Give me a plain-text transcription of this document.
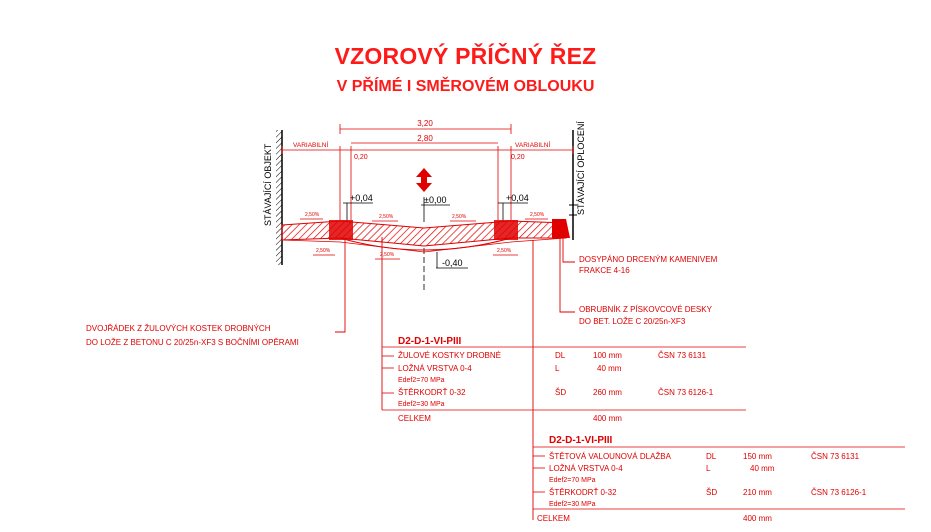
VZOROVÝ PŘÍČNÝ ŘEZ
V PŘÍMÉ I SMĚROVÉM OBLOUKU
STÁVAJÍCÍ OBJEKT	STÁVAJÍCÍ OPLOCENÍ
3,20
2,80
VARIABILNÍ	VARIABILNÍ
0,20	0,20
+0,04	±0,00	+0,04
-0,40
2,50%	2,50%	2,50%	2,50%
2,50%
2,50%
2,50%
DOSYPÁNO DRCENÝM KAMENIVEM
FRAKCE 4-16
OBRUBNÍK Z PÍSKOVCOVÉ DESKY
DO BET. LOŽE C 20/25n-XF3
DVOJŘÁDEK Z ŽULOVÝCH KOSTEK DROBNÝCH
DO LOŽE Z BETONU C 20/25n-XF3 S BOČNÍMI OPĚRAMI	D2-D-1-VI-PIII
ŽULOVÉ KOSTKY DROBNÉ	DL	100 mm	ČSN 73 6131
LOŽNÁ VRSTVA 0-4	L	40 mm
Edef2=70 MPa
ŠTĚRKODRŤ 0-32	ŠD	260 mm	ČSN 73 6126-1
Edef2=30 MPa
CELKEM	400 mm
D2-D-1-VI-PIII
ŠTĚTOVÁ VALOUNOVÁ DLAŽBA	DL	150 mm	ČSN 73 6131
LOŽNÁ VRSTVA 0-4	L	40 mm
Edef2=70 MPa
ŠTĚRKODRŤ 0-32	ŠD	210 mm	ČSN 73 6126-1
Edef2=30 MPa
CELKEM	400 mm
